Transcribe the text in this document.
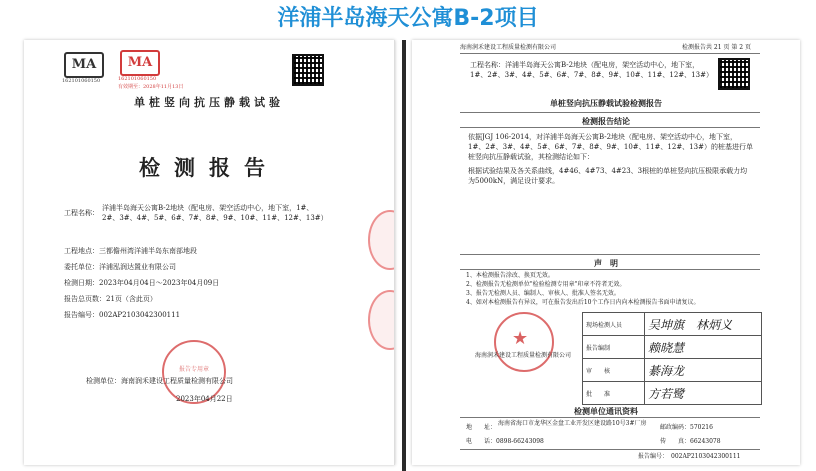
洋浦半岛海天公寓B-2项目
MA
162101060150
MA
162101060150
有效期至：2028年11月13日
单桩竖向抗压静载试验
检测报告
工程名称：
洋浦半岛海天公寓B-2地块（配电房、架空活动中心，地下室，1#、2#、3#、4#、5#、6#、7#、8#、9#、10#、11#、12#、13#）
工程地点：三都儋州湾洋浦半岛东南部地段
委托单位：洋浦泓润达置业有限公司
检测日期：2023年04月04日～2023年04月09日
报告总页数：21页（含此页）
报告编号：002AP2103042300111
报告专用章
检测单位：海南润禾建设工程质量检测有限公司
2023年04月22日
海南润禾建设工程质量检测有限公司	检测报告共 21 页 第 2 页
工程名称：洋浦半岛海天公寓B-2地块（配电房，架空活动中心，地下室，1#、2#、3#、4#、5#、6#、7#、8#、9#、10#、11#、12#、13#）
单桩竖向抗压静载试验检测报告
检测报告结论
依据JGJ 106-2014，对洋浦半岛海天公寓B-2地块（配电房、架空活动中心，地下室，1#、2#、3#、4#、5#、6#、7#、8#、9#、10#、11#、12#、13#）的桩基进行单桩竖向抗压静载试验，其检测结论如下：
根据试验结果及各关系曲线，4#46、4#73、4#23、3根桩的单桩竖向抗压极限承载力均为5000kN，满足设计要求。
声　明
1、本检测报告涂改、换页无效。
2、检测报告无检测单位"检验检测专用章"印章不符者无效。
3、报告无检测人员、编制人、审核人、批准人签名无效。
4、如对本检测报告有异议，可在报告发出后10个工作日内向本检测报告书面申请复议。
★
海南润禾建设工程质量检测有限公司
现场检测人员	吴坤旗　林炳义
报告编制	赖晓慧
审　　核	綦海龙
批　　准	方若鹭
检测单位通讯资料
地　　址：
海南省海口市龙华区金盘工业开发区建设路10号3#厂房
邮政编码：570216
电　　话：0898-66243098	传　　真：66243078
报告编号：　002AP2103042300111
